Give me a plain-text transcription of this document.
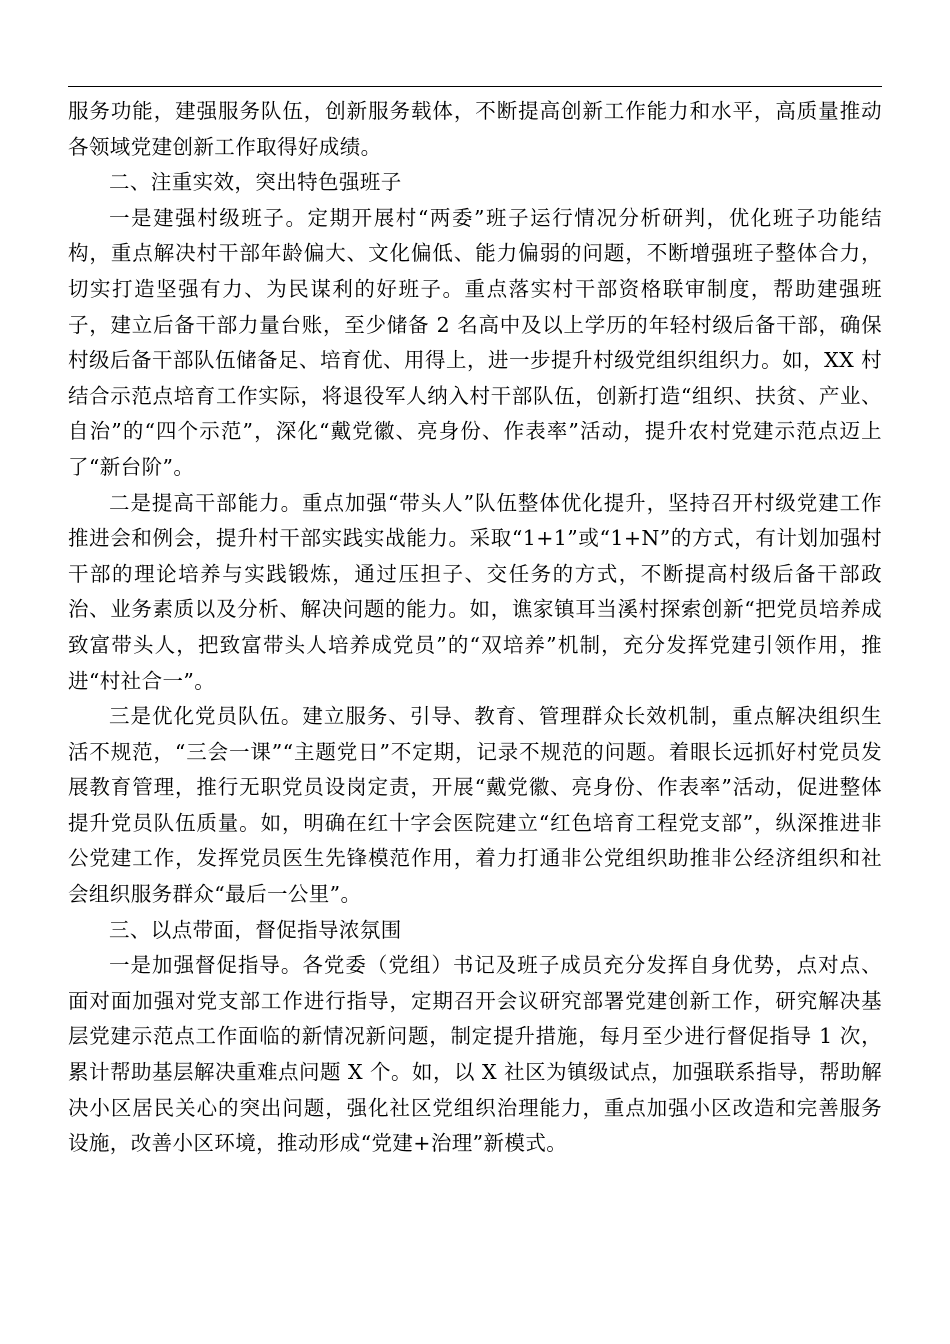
服务功能，建强服务队伍，创新服务载体，不断提高创新工作能力和水平，高质量推动各领域党建创新工作取得好成绩。

二、注重实效，突出特色强班子

一是建强村级班子。定期开展村“两委”班子运行情况分析研判，优化班子功能结构，重点解决村干部年龄偏大、文化偏低、能力偏弱的问题，不断增强班子整体合力，切实打造坚强有力、为民谋利的好班子。重点落实村干部资格联审制度，帮助建强班子，建立后备干部力量台账，至少储备 2 名高中及以上学历的年轻村级后备干部，确保村级后备干部队伍储备足、培育优、用得上，进一步提升村级党组织组织力。如，XX 村结合示范点培育工作实际，将退役军人纳入村干部队伍，创新打造“组织、扶贫、产业、自治”的“四个示范”，深化“戴党徽、亮身份、作表率”活动，提升农村党建示范点迈上了“新台阶”。

二是提高干部能力。重点加强“带头人”队伍整体优化提升，坚持召开村级党建工作推进会和例会，提升村干部实践实战能力。采取“1+1”或“1+N”的方式，有计划加强村干部的理论培养与实践锻炼，通过压担子、交任务的方式，不断提高村级后备干部政治、业务素质以及分析、解决问题的能力。如，谯家镇耳当溪村探索创新“把党员培养成致富带头人，把致富带头人培养成党员”的“双培养”机制，充分发挥党建引领作用，推进“村社合一”。

三是优化党员队伍。建立服务、引导、教育、管理群众长效机制，重点解决组织生活不规范，“三会一课”“主题党日”不定期，记录不规范的问题。着眼长远抓好村党员发展教育管理，推行无职党员设岗定责，开展“戴党徽、亮身份、作表率”活动，促进整体提升党员队伍质量。如，明确在红十字会医院建立“红色培育工程党支部”，纵深推进非公党建工作，发挥党员医生先锋模范作用，着力打通非公党组织助推非公经济组织和社会组织服务群众“最后一公里”。

三、以点带面，督促指导浓氛围

一是加强督促指导。各党委（党组）书记及班子成员充分发挥自身优势，点对点、面对面加强对党支部工作进行指导，定期召开会议研究部署党建创新工作，研究解决基层党建示范点工作面临的新情况新问题，制定提升措施，每月至少进行督促指导 1 次，累计帮助基层解决重难点问题 X 个。如，以 X 社区为镇级试点，加强联系指导，帮助解决小区居民关心的突出问题，强化社区党组织治理能力，重点加强小区改造和完善服务设施，改善小区环境，推动形成“党建+治理”新模式。
